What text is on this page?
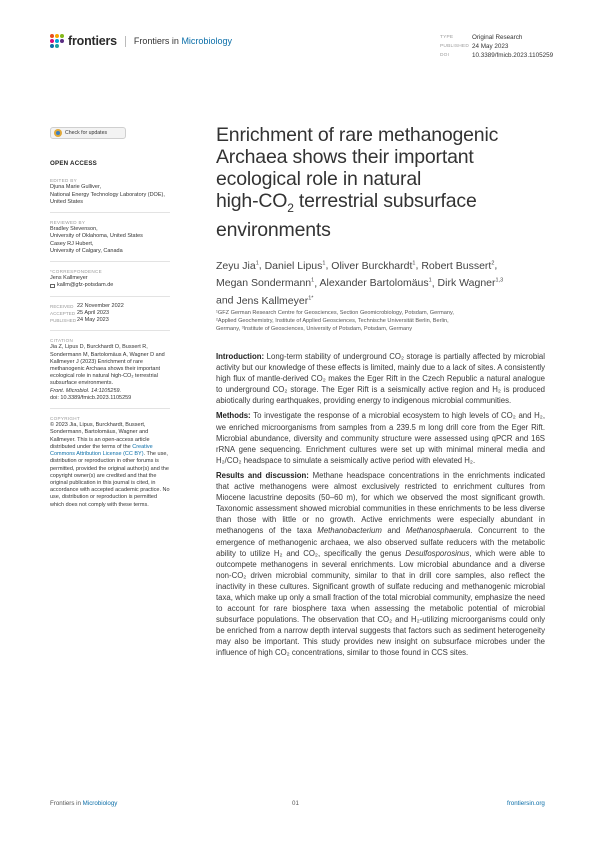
frontiers Frontiers in Microbiology	TYPE	Original Research
PUBLISHED 24 May 2023
DOI	10.3389/fmicb.2023.1105259
Check for updates
OPEN ACCESS
EDITED BY

Djuna Marie Gulliver,

National Energy Technology Laboratory (DOE),

United States

REVIEWED BY

Bradley Stevenson,

University of Oklahoma, United States

Casey RJ Hubert,

University of Calgary, Canada

*CORRESPONDENCE

Jens Kallmeyer

kallm@gfz-potsdam.de
RECEIVED 22 November 2022
ACCEPTED 25 April 2023
PUBLISHED 24 May 2023
CITATION

Jia Z, Lipus D, Burckhardt O, Bussert R,

Sondermann M, Bartolomäus A, Wagner D and

Kallmeyer J (2023) Enrichment of rare

methanogenic Archaea shows their important

ecological role in natural high-CO₂ terrestrial

subsurface environments.

Front. Microbiol. 14:1105259.

doi: 10.3389/fmicb.2023.1105259

COPYRIGHT
© 2023 Jia, Lipus, Burckhardt, Bussert, Sondermann, Bartolomäus, Wagner and Kallmeyer. This is an open-access article distributed under the terms of the Creative Commons Attribution License (CC BY). The use, distribution or reproduction in other forums is permitted, provided the original author(s) and the copyright owner(s) are credited and that the original publication in this journal is cited, in accordance with accepted academic practice. No use, distribution or reproduction is permitted which does not comply with these terms.
Enrichment of rare methanogenic
Archaea shows their important
ecological role in natural
high-$CO_2$ terrestrial subsurface
environments
Zeyu Jia$^1$, Daniel Lipus$^1$, Oliver Burckhardt$^1$, Robert Bussert$^2$,
Megan Sondermann$^1$, Alexander Bartolomäus$^1$, Dirk Wagner$^{1,3}$
and Jens Kallmeyer$^{1*}$
¹GFZ German Research Centre for Geosciences, Section Geomicrobiology, Potsdam, Germany,
²Applied Geochemistry, Institute of Applied Geosciences, Technische Universität Berlin, Berlin,
Germany, ³Institute of Geosciences, University of Potsdam, Potsdam, Germany

Introduction: Long-term stability of underground CO₂ storage is partially affected by microbial activity but our knowledge of these effects is limited, mainly due to a lack of sites. A consistently high flux of mantle-derived CO₂ makes the Eger Rift in the Czech Republic a natural analogue to underground CO₂ storage. The Eger Rift is a seismically active region and H₂ is produced abiotically during earthquakes, providing energy to indigenous microbial communities.

Methods: To investigate the response of a microbial ecosystem to high levels of CO₂ and H₂, we enriched microorganisms from samples from a 239.5 m long drill core from the Eger Rift. Microbial abundance, diversity and community structure were assessed using qPCR and 16S rRNA gene sequencing. Enrichment cultures were set up with minimal mineral media and H₂/CO₂ headspace to simulate a seismically active period with elevated H₂.

Results and discussion: Methane headspace concentrations in the enrichments indicated that active methanogens were almost exclusively restricted to enrichment cultures from Miocene lacustrine deposits (50–60 m), for which we observed the most significant growth. Taxonomic assessment showed microbial communities in these enrichments to be less diverse than those with little or no growth. Active enrichments were especially abundant in methanogens of the taxa Methanobacterium and Methanosphaerula. Concurrent to the emergence of methanogenic archaea, we also observed sulfate reducers with the metabolic ability to utilize H₂ and CO₂, specifically the genus Desulfosporosinus, which were able to outcompete methanogens in several enrichments. Low microbial abundance and a diverse non-CO₂ driven microbial community, similar to that in drill core samples, also reflect the inactivity in these cultures. Significant growth of sulfate reducing and methanogenic microbial taxa, which make up only a small fraction of the total microbial community, emphasize the need to account for rare biosphere taxa when assessing the metabolic potential of microbial subsurface populations. The observation that CO₂ and H₂-utilizing microorganisms could only be enriched from a narrow depth interval suggests that factors such as sediment heterogeneity may also be important. This study provides new insight on subsurface microbes under the influence of high CO₂ concentrations, similar to those found in CCS sites.

Frontiers in Microbiology	01	frontiersin.org
